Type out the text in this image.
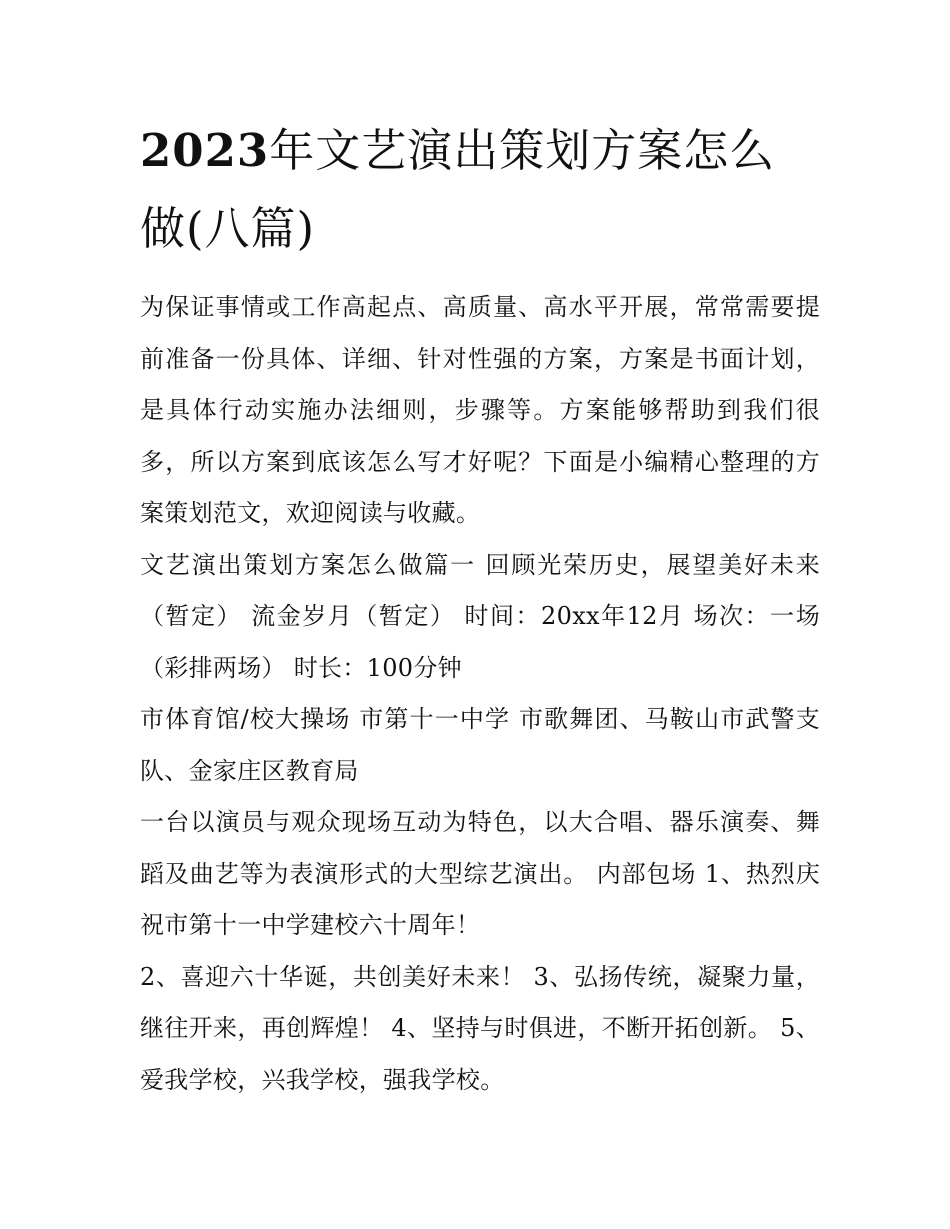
2023年文艺演出策划方案怎么做(八篇)

为保证事情或工作高起点、高质量、高水平开展，常常需要提前准备一份具体、详细、针对性强的方案，方案是书面计划，是具体行动实施办法细则，步骤等。方案能够帮助到我们很多，所以方案到底该怎么写才好呢？下面是小编精心整理的方案策划范文，欢迎阅读与收藏。

文艺演出策划方案怎么做篇一 回顾光荣历史，展望美好未来（暂定） 流金岁月（暂定） 时间：20xx年12月 场次：一场（彩排两场） 时长：100分钟

市体育馆/校大操场 市第十一中学 市歌舞团、马鞍山市武警支队、金家庄区教育局

一台以演员与观众现场互动为特色，以大合唱、器乐演奏、舞蹈及曲艺等为表演形式的大型综艺演出。 内部包场 1、热烈庆祝市第十一中学建校六十周年！

2、喜迎六十华诞，共创美好未来！ 3、弘扬传统，凝聚力量，继往开来，再创辉煌！ 4、坚持与时俱进，不断开拓创新。 5、爱我学校，兴我学校，强我学校。
